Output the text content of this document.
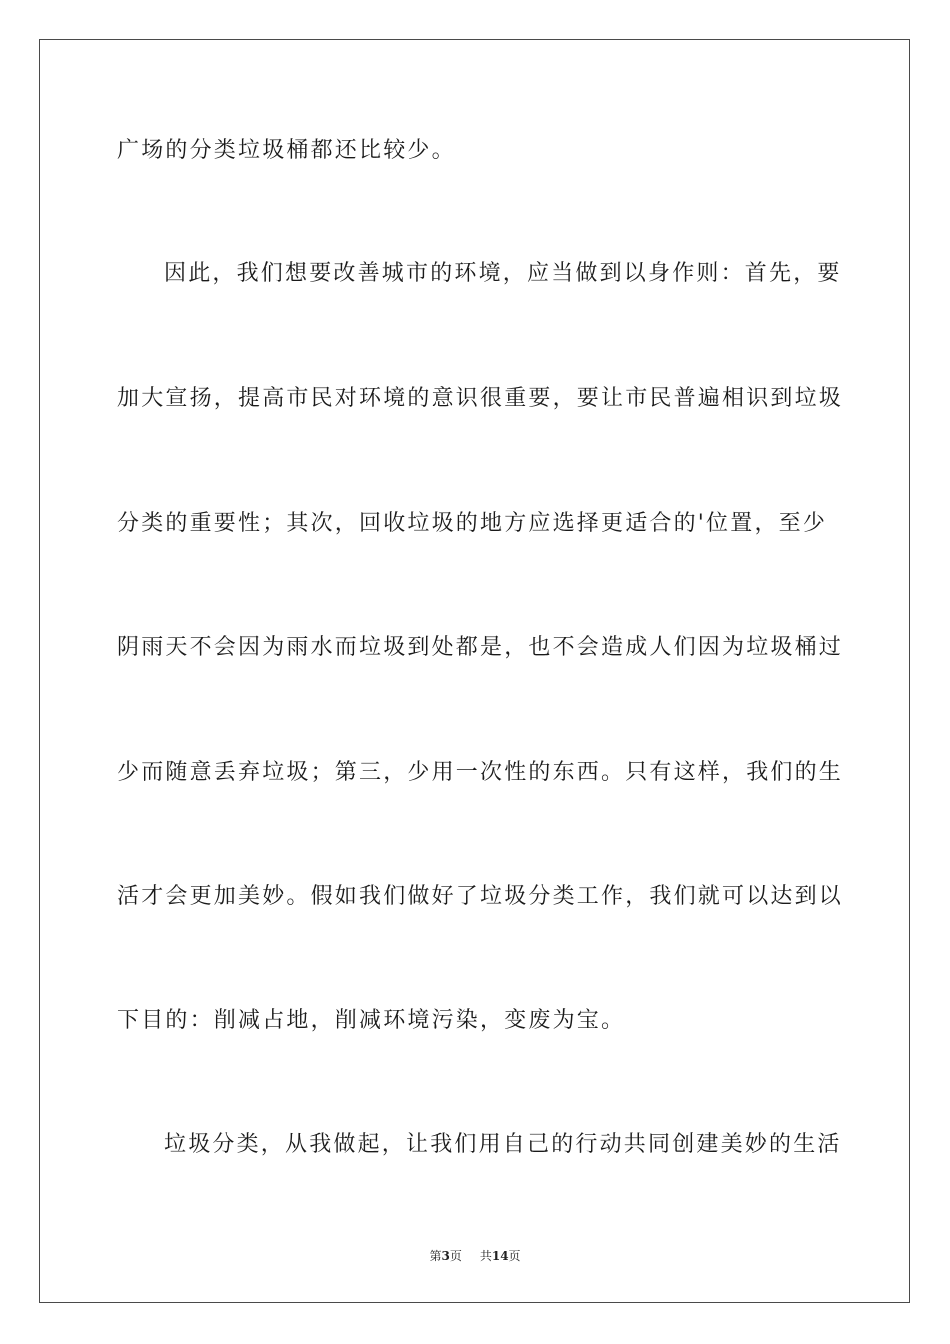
广场的分类垃圾桶都还比较少。
因此，我们想要改善城市的环境，应当做到以身作则：首先，要
加大宣扬，提高市民对环境的意识很重要，要让市民普遍相识到垃圾
分类的重要性；其次，回收垃圾的地方应选择更适合的'位置，至少
阴雨天不会因为雨水而垃圾到处都是，也不会造成人们因为垃圾桶过
少而随意丢弃垃圾；第三，少用一次性的东西。只有这样，我们的生
活才会更加美妙。假如我们做好了垃圾分类工作，我们就可以达到以
下目的：削减占地，削减环境污染，变废为宝。
垃圾分类，从我做起，让我们用自己的行动共同创建美妙的生活
第3页 共14页
